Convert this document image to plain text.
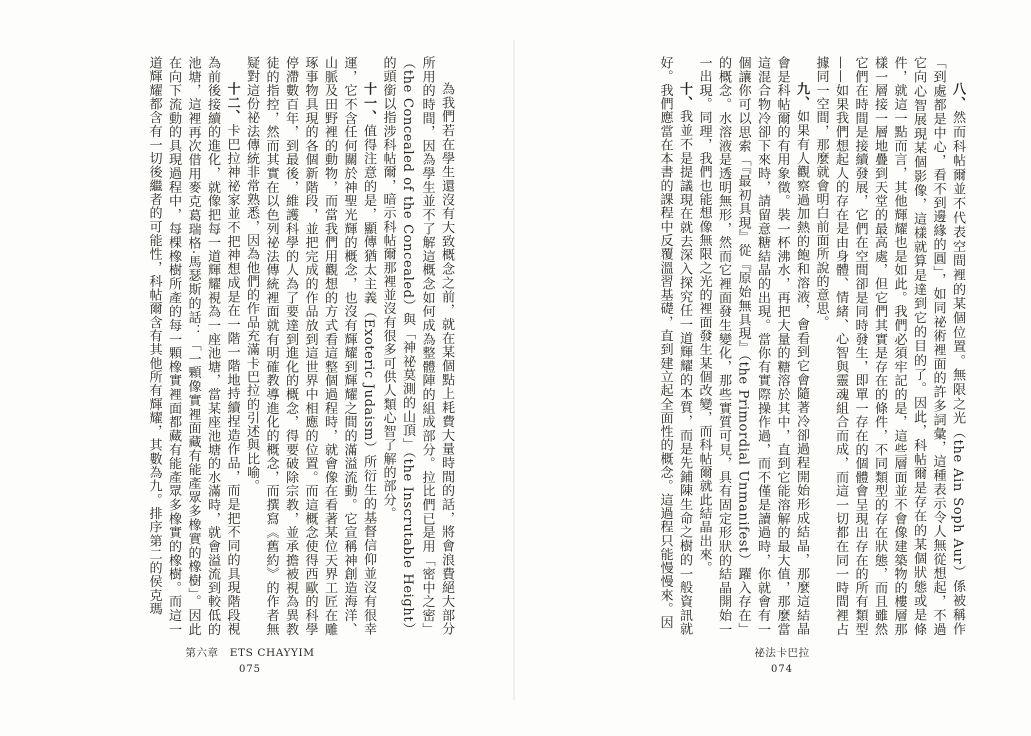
為我們若在學生還沒有大致概念之前，就在某個點上耗費大量時間的話，將會浪費絕大部分所用的時間，因為學生並不了解這概念如何成為整體陣的組成部分。拉比們已是用「密中之密」（the Concealed of the Concealed）與「神祕莫測的山頂」（the Inscrutable Height）的頭銜以指涉科帖爾，暗示科帖爾那裡並沒有很多可供人類心智了解的部分。

十一、值得注意的是，顯傳猶太主義（Exoteric Judaism）所衍生的基督信仰並沒有很幸運，它不含任何關於神聖光輝的概念，也沒有輝耀到輝耀之間的滿溢流動。它宣稱神創造海洋、山脈及田野裡的動物，而當我們用觀想的方式看這整個過程時，就會像在看著某位天界工匠在雕琢事物具現的各個新階段，並把完成的作品放到這世界中相應的位置。而這概念使得西歐的科學停滯數百年，到最後，維護科學的人為了要達到進化的概念，得要破除宗教，並承擔被視為異教徒的指控，然而其實在以色列祕法傳統裡面就有明確教導進化的概念，而撰寫《舊約》的作者無疑對這份祕法傳統非常熟悉，因為他們的作品充滿卡巴拉的引述與比喻。

十二、卡巴拉神祕家並不把神想成是在一階一階地持續捏造作品，而是把不同的具現階段視為前後接續的進化，就像把每一道輝耀視為一座池塘，當某座池塘的水滿時，就會溢流到較低的池塘，這裡再次借用麥克葛瑞格·馬瑟斯的話：「一顆像實裡面藏有能產眾多橡實的橡樹」。因此在向下流動的具現過程中，每棵橡樹所產的每一顆橡實裡面都藏有能產眾多橡實的橡樹。而這一道輝耀都含有一切後繼者的可能性，科帖爾含有其他所有輝耀，其數為九。排序第二的侯克瑪

第六章　ETS CHAYYIM
075

八、然而科帖爾並不代表空間裡的某個位置。無限之光（the Ain Soph Aur）係被稱作「到處都是中心，看不到邊緣的圓」，如同祕術裡面的許多詞彙，這種表示令人無從想起，不過它向心智展現某個影像，這樣就算是達到它的目的了。因此，科帖爾是存在的某個狀態或是條件，就這一點而言，其他輝耀也是如此。我們必須牢記的是，這些層面並不會像建築物的樓層那樣一層接一層地疊到天堂的最高處，但它們其實是存在的條件，不同類型的存在狀態，而且雖然它們在時間是接續發展，它們在空間卻是同時發生，即單一存在的個體會呈現出存在的所有類型——如果我們想起人的存在是由身體、情緒、心智與靈魂組合而成，而這一切都在同一時間裡占據同一空間，那麼就會明白前面所說的意思。

九、如果有人觀察過加熱的飽和溶液，會看到它會隨著冷卻過程開始形成結晶，那麼這結晶會是科帖爾的有用象徵。裝一杯沸水，再把大量的糖溶於其中，直到它能溶解的最大值，那麼當這混合物冷卻下來時，請留意糖結晶的出現。當你有實際操作過，而不僅是讀過時，你就會有一個讓你可以思索「『最初具現』從『原始無具現』（the Primordial Unmanifest）躍入存在」的概念。水溶液是透明無形，然而它裡面發生變化，那些實質可見，具有固定形狀的結晶開始一一出現。同理，我們也能想像無限之光的裡面發生某個改變，而科帖爾就此結晶出來。

十、我並不是提議現在就去深入探究任一道輝耀的本質，而是先鋪陳生命之樹的一般資訊就好。我們應當在本書的課程中反覆溫習基礎，直到建立起全面性的概念。這過程只能慢慢來。因

祕法卡巴拉
074
